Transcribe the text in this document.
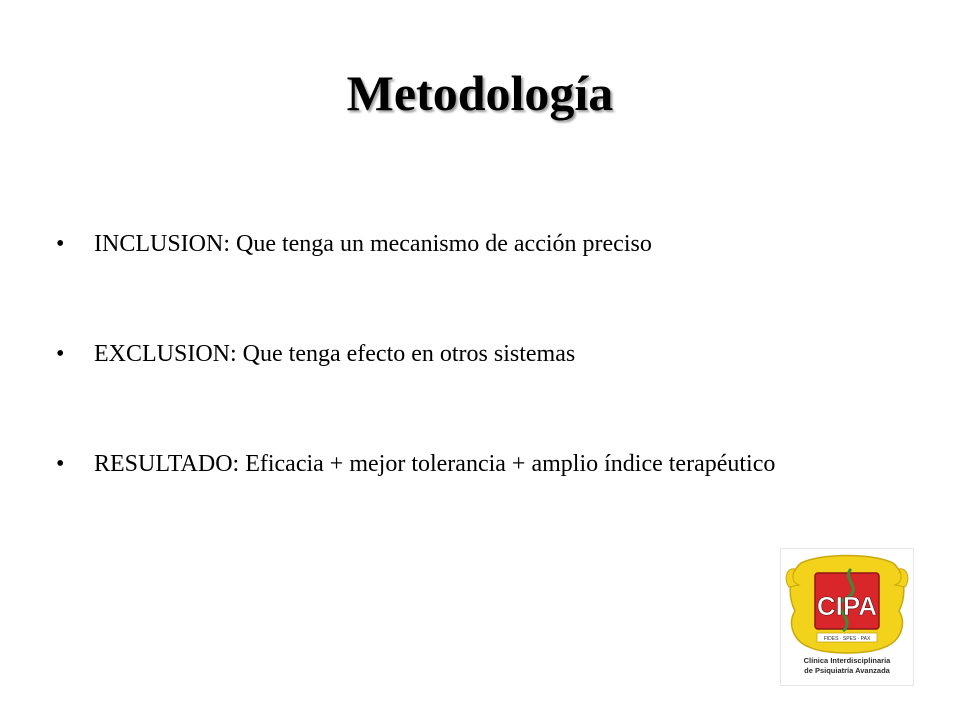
Metodología
•	INCLUSION: Que tenga un mecanismo de acción preciso
•	EXCLUSION: Que tenga efecto en otros sistemas
•	RESULTADO: Eficacia + mejor tolerancia + amplio índice terapéutico
CIPA
FIDES · SPES · PAX
Clínica Interdisciplinaria
de Psiquiatría Avanzada
